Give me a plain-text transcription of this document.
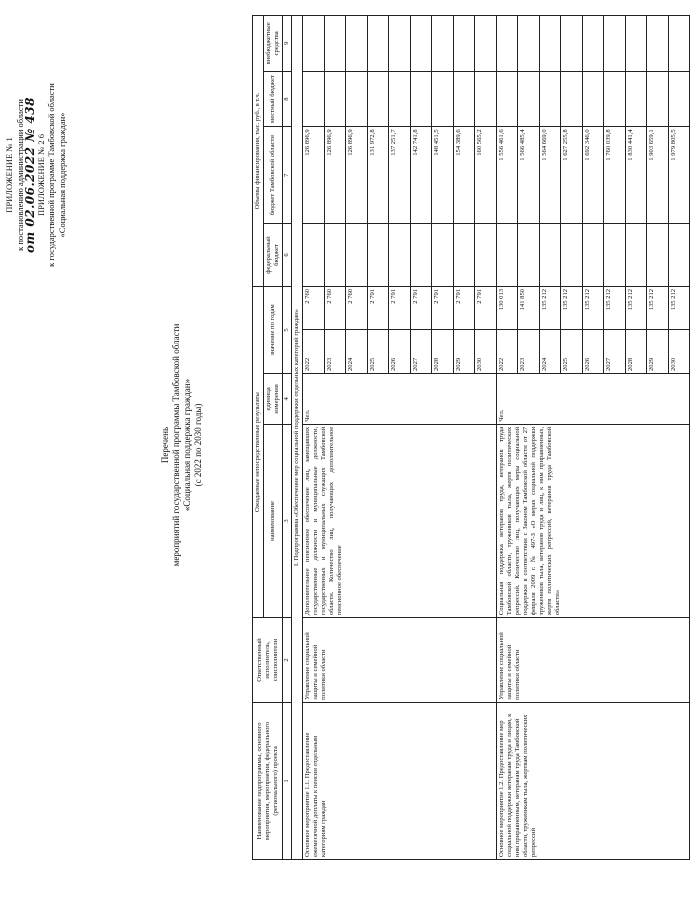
ПРИЛОЖЕНИЕ № 1 к постановлению администрации области
от 02.06.2022 № 438
ПРИЛОЖЕНИЕ № 2 6 к государственной программе Тамбовской области «Социальная поддержка граждан»
Перечень мероприятий государственной программы Тамбовской области «Социальная поддержка граждан» (с 2022 по 2030 годы)
Наименование подпрограммы, основного мероприятия, мероприятия, федерального (регионального) проекта	Ответственный исполнитель, соисполнители	Ожидаемые непосредственные результаты				Объемы финансирования, тыс. руб., в т.ч.			
		наименование	единица измерения	значение по годам		федеральный бюджет	бюджет Тамбовской области	местный бюджет	внебюджетные средства
1	2	3	4	5		6	7	8	9
I. Подпрограмма «Обеспечение мер социальной поддержки отдельных категорий граждан»									
Основное мероприятие 1.1. Предоставление ежемесячной доплаты к пенсии отдельным категориям граждан	Управление социальной защиты и семейной политики области	Дополнительное пенсионное обеспечение лиц, замещавших государственные должности и муниципальные должности, государственных и муниципальных служащих Тамбовской области. Количество лиц, получающих дополнительное пенсионное обеспечение	Чел.	2022	2 760		126 896,9		
				2023	2 760		126 896,9		
				2024	2 760		126 896,9		
				2025	2 791		131 972,8		
				2026	2 791		137 251,7		
				2027	2 791		142 741,8		
				2028	2 791		148 451,5		
				2029	2 791		154 389,6		
				2030	2 791		160 565,2		
Основное мероприятие 1.2. Предоставление мер социальной поддержки ветеранам труда и лицам, к ним приравненным, ветеранам труда Тамбовской области, труженикам тыла, жертвам политических репрессий	Управление социальной защиты и семейной политики области	Социальная поддержка ветеранов труда, ветеранов труда Тамбовской области, тружеников тыла, жертв политических репрессий. Количество лиц, получающих меры социальной поддержки в соответствии с Законом Тамбовской области от 27 февраля 2009 г. № 497-З «О мерах социальной поддержки тружеников тыла, ветеранов труда и лиц, к ним приравненных, жертв политических репрессий, ветеранов труда Тамбовской области»	Чел.	2022	130 013		1 556 461,6		
				2023	141 850		1 566 485,4		
				2024	135 212		1 564 669,0		
				2025	135 212		1 627 255,8		
				2026	135 212		1 692 346,0		
				2027	135 212		1 760 039,8		
				2028	135 212		1 830 441,4		
				2029	135 212		1 903 659,1		
				2030	135 212		1 979 805,5		
